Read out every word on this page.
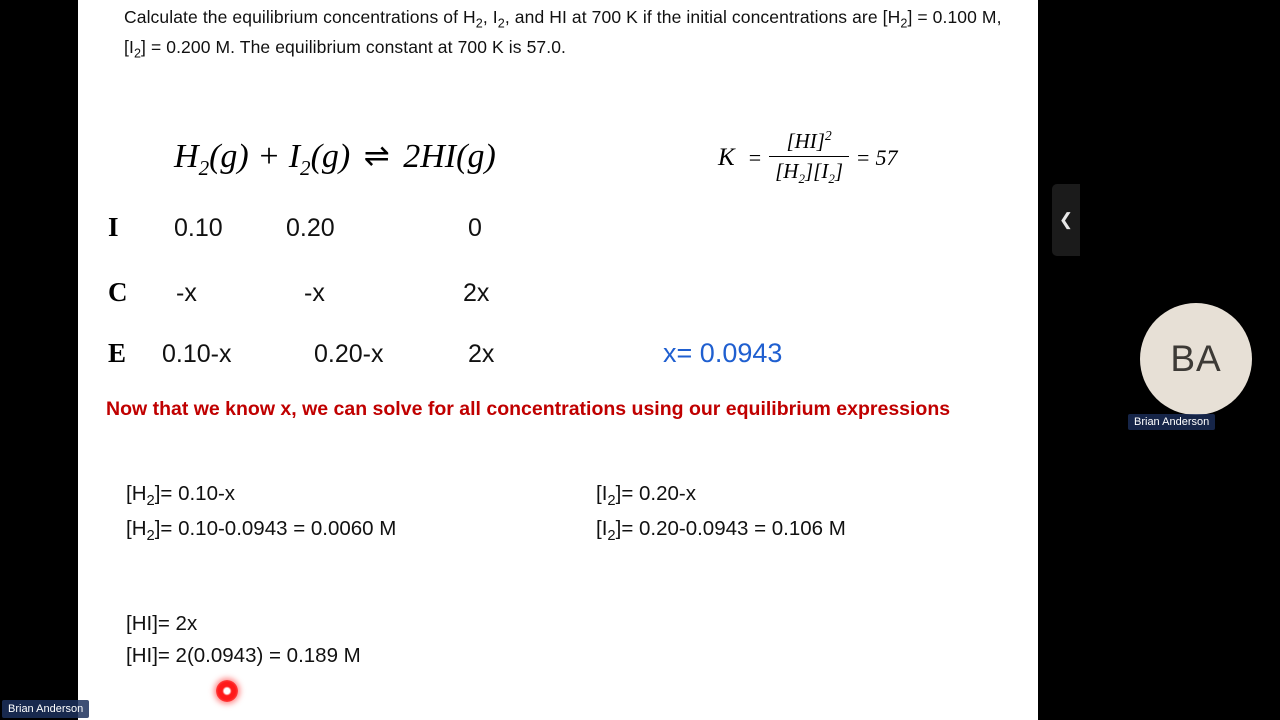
Calculate the equilibrium concentrations of $H_2$, $I_2$, and HI at 700 K if the initial concentrations are $[H_2] = 0.100$ M, $[I_2] = 0.200$ M. The equilibrium constant at 700 K is 57.0.
$H_2(g) + I_2(g)$ ⇌ 2HI(g)	$K = \frac{[HI]^2}{[H_2][I_2]} = 57$
I 0.10	0.20	0
C -x	-x	2x
E 0.10-x	0.20-x	2x	x= 0.0943
Now that we know x, we can solve for all concentrations using our equilibrium expressions
$[H_2]= 0.10-x$
$[H_2]= 0.10-0.0943 = 0.0060$ M
$[I_2]= 0.20-x$
$[I_2]= 0.20-0.0943 = 0.106$ M
[HI]= 2x
[HI]= 2(0.0943) = 0.189 M
BA
Brian Anderson
❮
Brian Anderson
